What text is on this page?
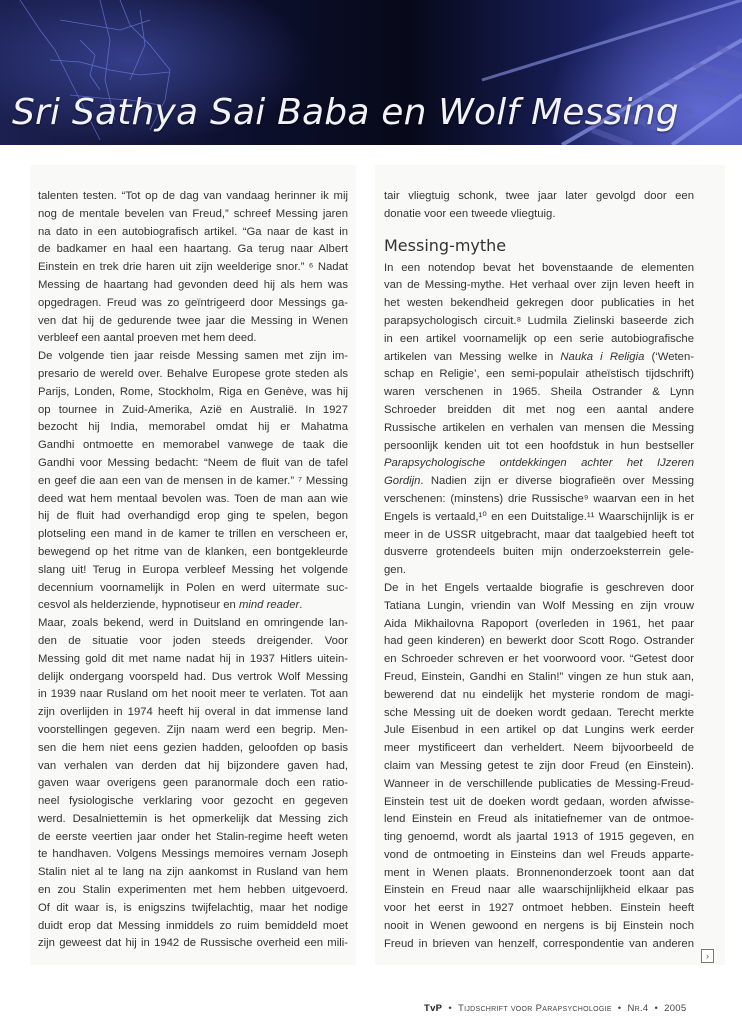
Sri Sathya Sai Baba en Wolf Messing
talenten testen. “Tot op de dag van vandaag herinner ik mij
nog de mentale bevelen van Freud,” schreef Messing jaren
na dato in een autobiografisch artikel. “Ga naar de kast in
de badkamer en haal een haartang. Ga terug naar Albert
Einstein en trek drie haren uit zijn weelderige snor.” ⁶ Nadat
Messing de haartang had gevonden deed hij als hem was
opgedragen. Freud was zo geïntrigeerd door Messings ga-
ven dat hij de gedurende twee jaar die Messing in Wenen
verbleef een aantal proeven met hem deed.
De volgende tien jaar reisde Messing samen met zijn im-
presario de wereld over. Behalve Europese grote steden als
Parijs, Londen, Rome, Stockholm, Riga en Genève, was hij
op tournee in Zuid-Amerika, Azië en Australië. In 1927
bezocht hij India, memorabel omdat hij er Mahatma
Gandhi ontmoette en memorabel vanwege de taak die
Gandhi voor Messing bedacht: “Neem de fluit van de tafel
en geef die aan een van de mensen in de kamer.” ⁷ Messing
deed wat hem mentaal bevolen was. Toen de man aan wie
hij de fluit had overhandigd erop ging te spelen, begon
plotseling een mand in de kamer te trillen en verscheen er,
bewegend op het ritme van de klanken, een bontgekleurde
slang uit! Terug in Europa verbleef Messing het volgende
decennium voornamelijk in Polen en werd uitermate suc-
cesvol als helderziende, hypnotiseur en mind reader.
Maar, zoals bekend, werd in Duitsland en omringende lan-
den de situatie voor joden steeds dreigender. Voor
Messing gold dit met name nadat hij in 1937 Hitlers uitein-
delijk ondergang voorspeld had. Dus vertrok Wolf Messing
in 1939 naar Rusland om het nooit meer te verlaten. Tot aan
zijn overlijden in 1974 heeft hij overal in dat immense land
voorstellingen gegeven. Zijn naam werd een begrip. Men-
sen die hem niet eens gezien hadden, geloofden op basis
van verhalen van derden dat hij bijzondere gaven had,
gaven waar overigens geen paranormale doch een ratio-
neel fysiologische verklaring voor gezocht en gegeven
werd. Desalniettemin is het opmerkelijk dat Messing zich
de eerste veertien jaar onder het Stalin-regime heeft weten
te handhaven. Volgens Messings memoires vernam Joseph
Stalin niet al te lang na zijn aankomst in Rusland van hem
en zou Stalin experimenten met hem hebben uitgevoerd.
Of dit waar is, is enigszins twijfelachtig, maar het nodige
duidt erop dat Messing inmiddels zo ruim bemiddeld moet
zijn geweest dat hij in 1942 de Russische overheid een mili-
tair vliegtuig schonk, twee jaar later gevolgd door een
donatie voor een tweede vliegtuig.
Messing-mythe
In een notendop bevat het bovenstaande de elementen
van de Messing-mythe. Het verhaal over zijn leven heeft in
het westen bekendheid gekregen door publicaties in het
parapsychologisch circuit.⁸ Ludmila Zielinski baseerde zich
in een artikel voornamelijk op een serie autobiografische
artikelen van Messing welke in Nauka i Religia (‘Weten-
schap en Religie’, een semi-populair atheïstisch tijdschrift)
waren verschenen in 1965. Sheila Ostrander & Lynn
Schroeder breidden dit met nog een aantal andere
Russische artikelen en verhalen van mensen die Messing
persoonlijk kenden uit tot een hoofdstuk in hun bestseller
Parapsychologische ontdekkingen achter het IJzeren
Gordijn. Nadien zijn er diverse biografieën over Messing
verschenen: (minstens) drie Russische⁹ waarvan een in het
Engels is vertaald,¹⁰ en een Duitstalige.¹¹ Waarschijnlijk is er
meer in de USSR uitgebracht, maar dat taalgebied heeft tot
dusverre grotendeels buiten mijn onderzoeksterrein gele-
gen.
De in het Engels vertaalde biografie is geschreven door
Tatiana Lungin, vriendin van Wolf Messing en zijn vrouw
Aida Mikhailovna Rapoport (overleden in 1961, het paar
had geen kinderen) en bewerkt door Scott Rogo. Ostrander
en Schroeder schreven er het voorwoord voor. “Getest door
Freud, Einstein, Gandhi en Stalin!” vingen ze hun stuk aan,
bewerend dat nu eindelijk het mysterie rondom de magi-
sche Messing uit de doeken wordt gedaan. Terecht merkte
Jule Eisenbud in een artikel op dat Lungins werk eerder
meer mystificeert dan verheldert. Neem bijvoorbeeld de
claim van Messing getest te zijn door Freud (en Einstein).
Wanneer in de verschillende publicaties de Messing-Freud-
Einstein test uit de doeken wordt gedaan, worden afwisse-
lend Einstein en Freud als initatiefnemer van de ontmoe-
ting genoemd, wordt als jaartal 1913 of 1915 gegeven, en
vond de ontmoeting in Einsteins dan wel Freuds apparte-
ment in Wenen plaats. Bronnenonderzoek toont aan dat
Einstein en Freud naar alle waarschijnlijkheid elkaar pas
voor het eerst in 1927 ontmoet hebben. Einstein heeft
nooit in Wenen gewoond en nergens is bij Einstein noch
Freud in brieven van henzelf, correspondentie van anderen
›
TvP • Tijdschrift voor Parapsychologie • Nr.4 • 2005
